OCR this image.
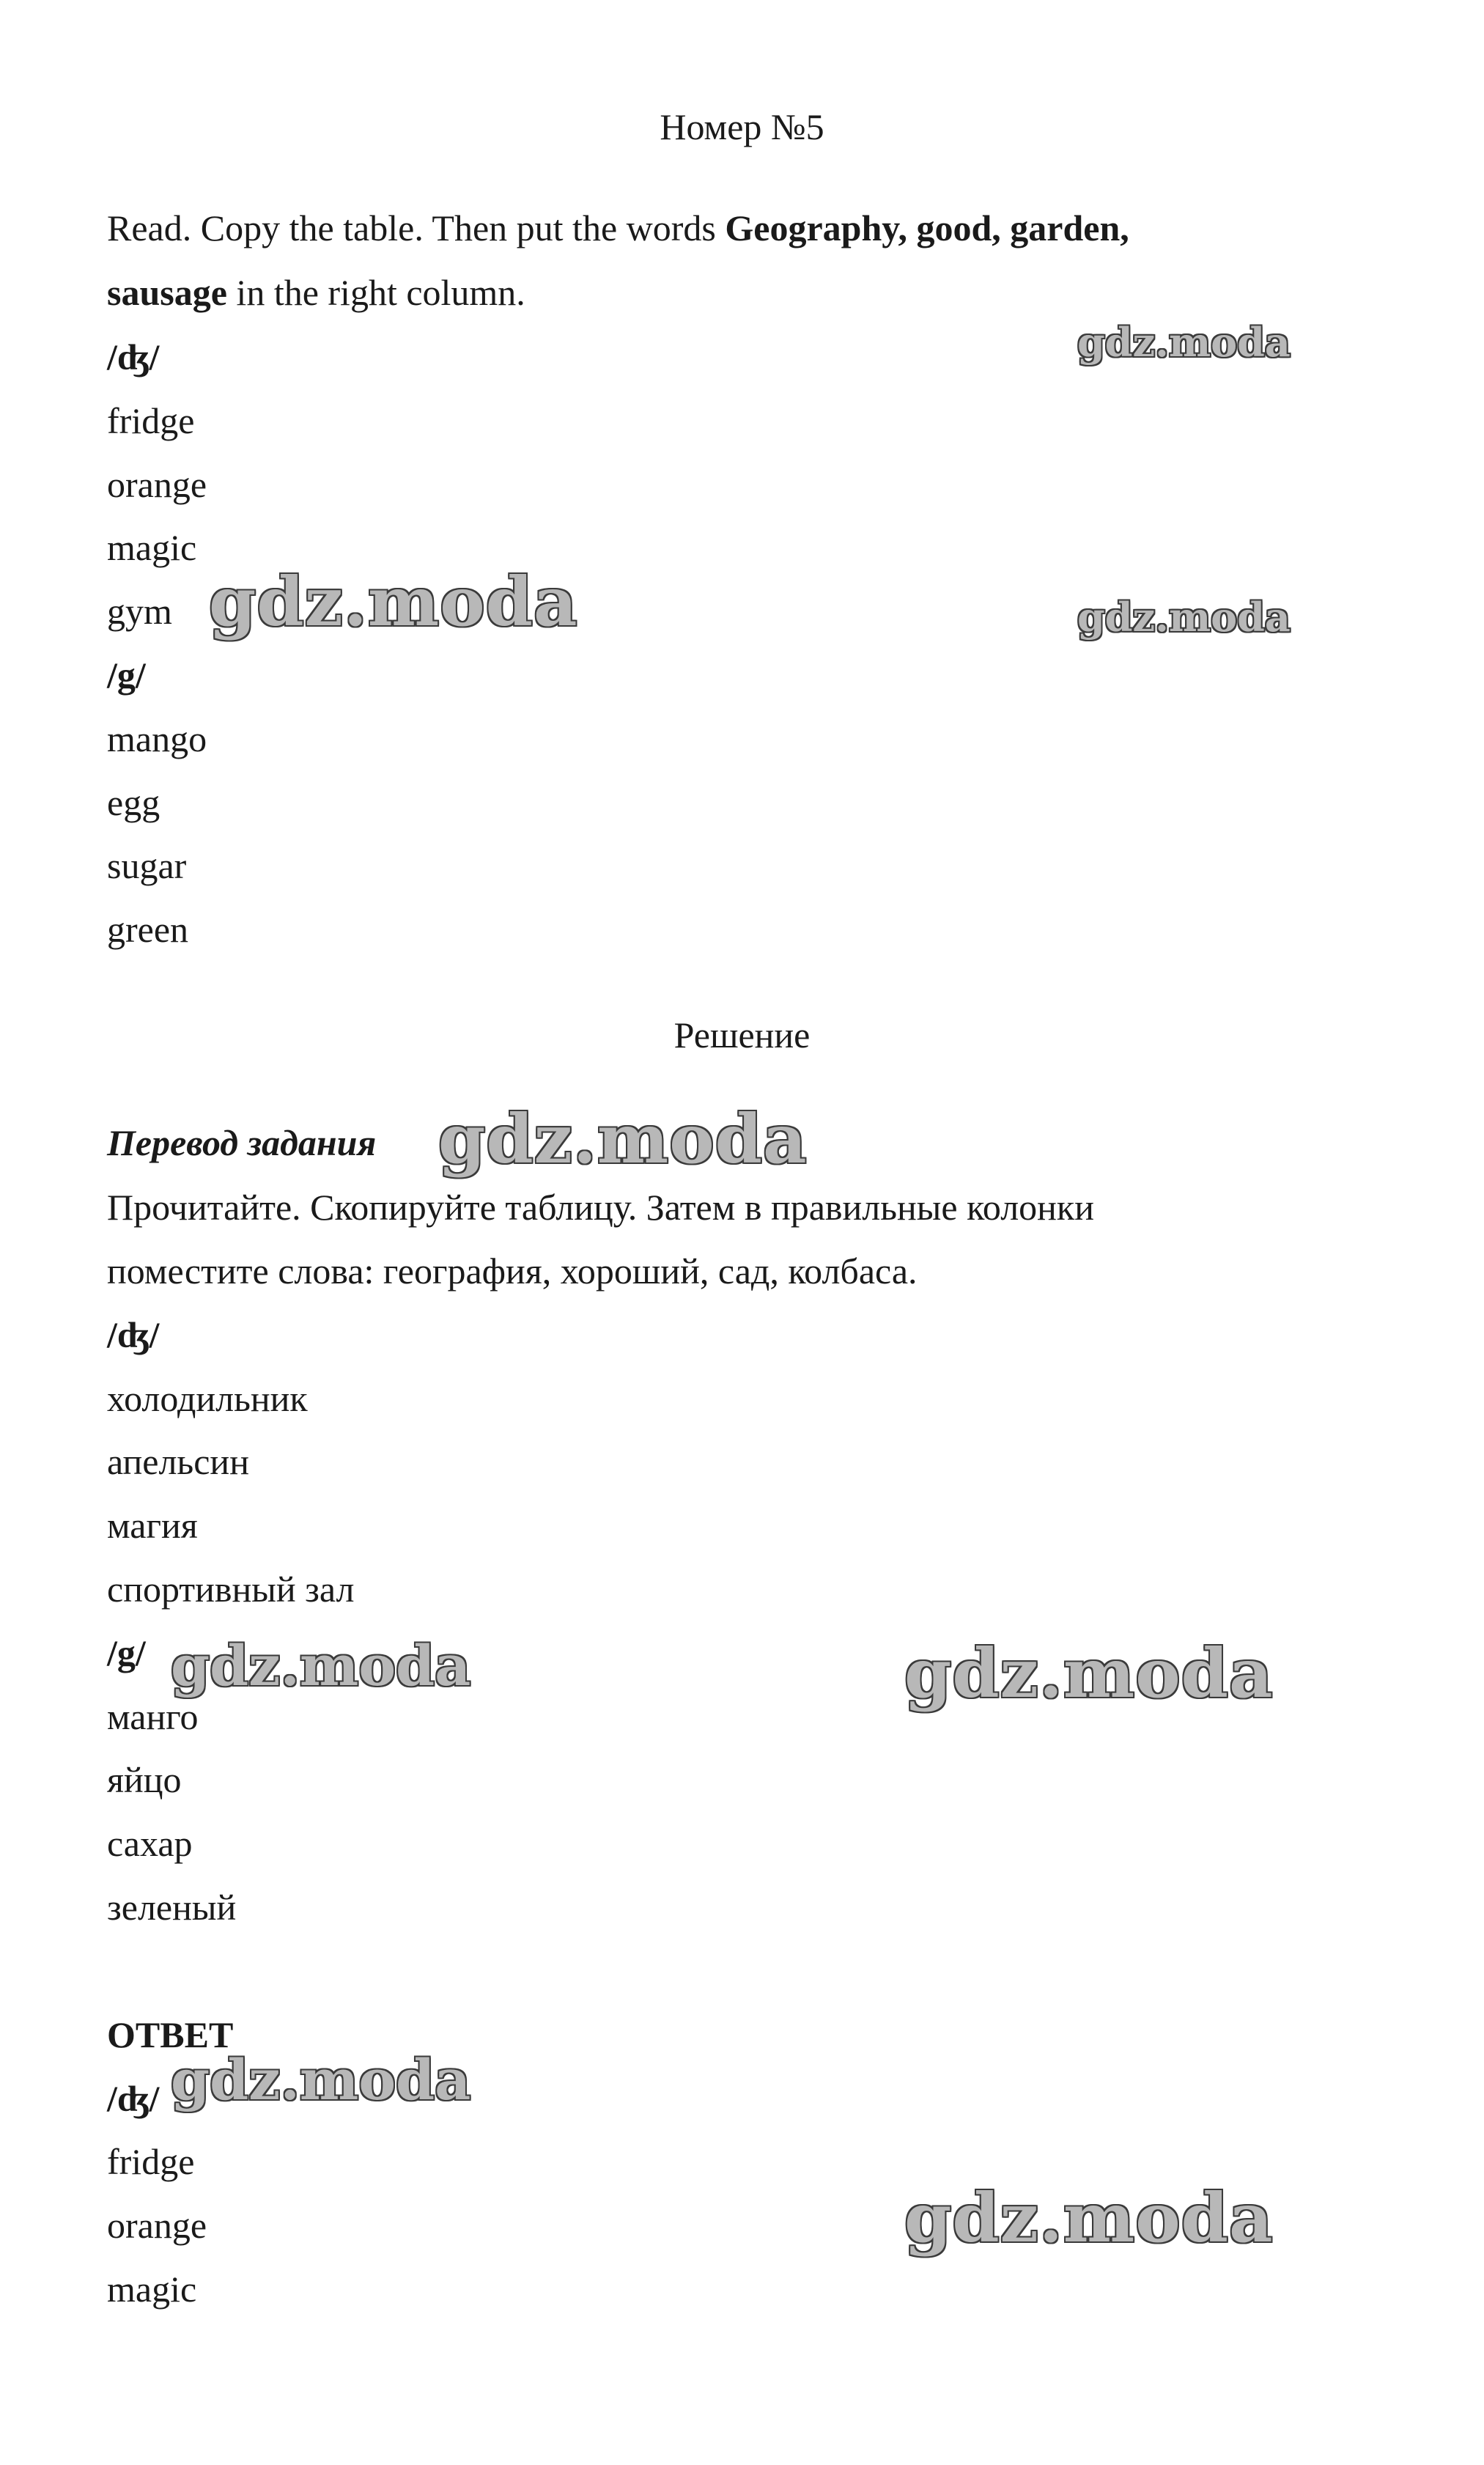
Номер №5
Read. Copy the table. Then put the words Geography, good, garden,
sausage in the right column.
/ʤ/
fridge
orange
magic
gym
/g/
mango
egg
sugar
green
Решение
Перевод задания
Прочитайте. Скопируйте таблицу. Затем в правильные колонки
поместите слова: география, хороший, сад, колбаса.
/ʤ/
холодильник
апельсин
магия
спортивный зал
/g/
манго
яйцо
сахар
зеленый
ОТВЕТ
/ʤ/
fridge
orange
magic
gdz.moda
gdz.moda	gdz.moda
gdz.moda
gdz.moda	gdz.moda
gdz.moda
gdz.moda
